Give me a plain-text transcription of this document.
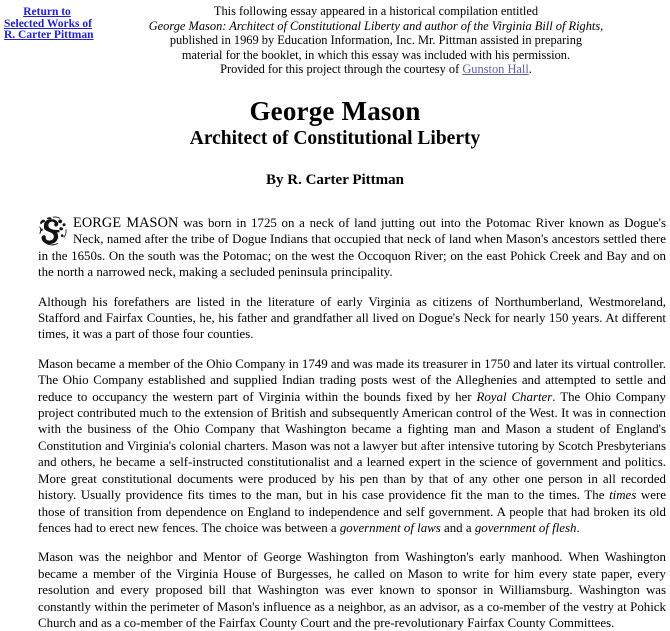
Return to
Selected Works of
R. Carter Pittman
This following essay appeared in a historical compilation entitled
George Mason: Architect of Constitutional Liberty and author of the Virginia Bill of Rights,
published in 1969 by Education Information, Inc. Mr. Pittman assisted in preparing
material for the booklet, in which this essay was included with his permission.
Provided for this project through the courtesy of Gunston Hall.
George Mason
Architect of Constitutional Liberty
By R. Carter Pittman

EORGE MASON was born in 1725 on a neck of land jutting out into the Potomac River known as Dogue's Neck, named after the tribe of Dogue Indians that occupied that neck of land when Mason's ancestors settled there in the 1650s. On the south was the Potomac; on the west the Occoquon River; on the east Pohick Creek and Bay and on the north a narrowed neck, making a secluded peninsula principality.

Although his forefathers are listed in the literature of early Virginia as citizens of Northumberland, Westmoreland, Stafford and Fairfax Counties, he, his father and grandfather all lived on Dogue's Neck for nearly 150 years. At different times, it was a part of those four counties.

Mason became a member of the Ohio Company in 1749 and was made its treasurer in 1750 and later its virtual controller. The Ohio Company established and supplied Indian trading posts west of the Alleghenies and attempted to settle and reduce to occupancy the western part of Virginia within the bounds fixed by her Royal Charter. The Ohio Company project contributed much to the extension of British and subsequently American control of the West. It was in connection with the business of the Ohio Company that Washington became a fighting man and Mason a student of England's Constitution and Virginia's colonial charters. Mason was not a lawyer but after intensive tutoring by Scotch Presbyterians and others, he became a self-instructed constitutionalist and a learned expert in the science of government and politics. More great constitutional documents were produced by his pen than by that of any other one person in all recorded history. Usually providence fits times to the man, but in his case providence fit the man to the times. The times were those of transition from dependence on England to independence and self government. A people that had broken its old fences had to erect new fences. The choice was between a government of laws and a government of flesh.

Mason was the neighbor and Mentor of George Washington from Washington's early manhood. When Washington became a member of the Virginia House of Burgesses, he called on Mason to write for him every state paper, every resolution and every proposed bill that Washington was ever known to sponsor in Williamsburg. Washington was constantly within the perimeter of Mason's influence as a neighbor, as an advisor, as a co-member of the vestry at Pohick Church and as a co-member of the Fairfax County Court and the pre-revolutionary Fairfax County Committees.
